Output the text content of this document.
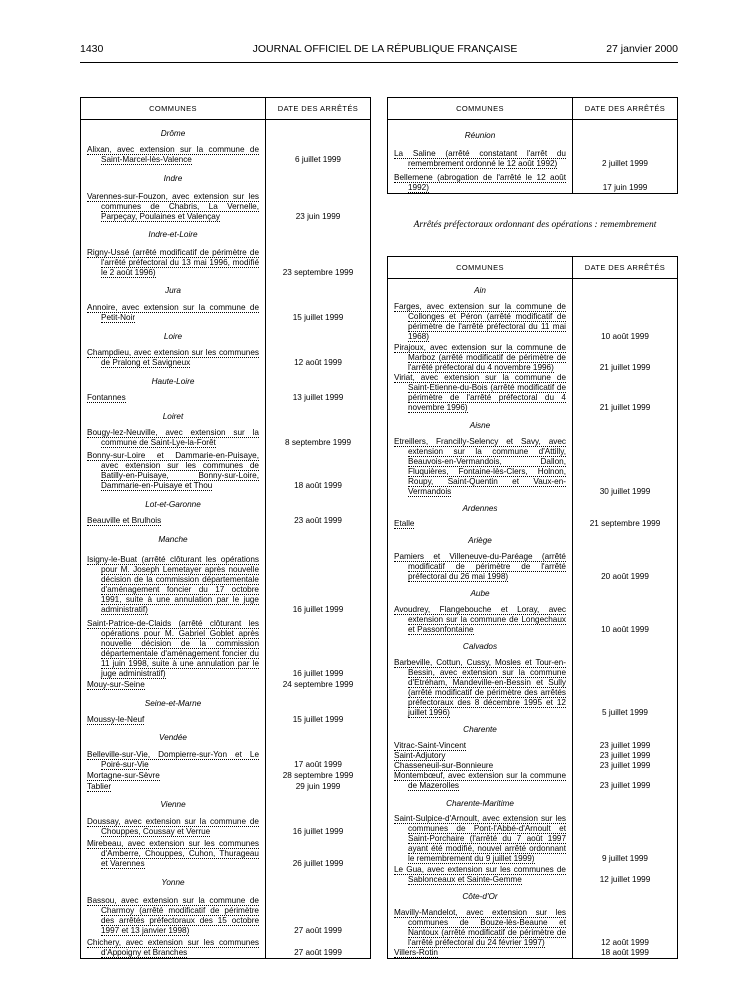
1430	JOURNAL OFFICIEL DE LA RÉPUBLIQUE FRANÇAISE	27 janvier 2000
COMMUNES	DATE DES ARRÊTÉS
Drôme	

Alixan, avec extension sur la commune de Saint-Marcel-lès-Valence	6 juillet 1999
Indre	

Varennes-sur-Fouzon, avec extension sur les communes de Chabris, La Vernelle, Parpeçay, Poulaines et Valençay	23 juin 1999
Indre-et-Loire	

Rigny-Ussé (arrêté modificatif de périmètre de l'arrêté préfectoral du 13 mai 1996, modifié le 2 août 1996)	23 septembre 1999
Jura	

Annoire, avec extension sur la commune de Petit-Noir	15 juillet 1999
Loire	

Champdieu, avec extension sur les communes de Pralong et Savigneux	12 août 1999
Haute-Loire	

Fontannes	13 juillet 1999
Loiret	

Bougy-lez-Neuville, avec extension sur la commune de Saint-Lye-la-Forêt	8 septembre 1999

Bonny-sur-Loire et Dammarie-en-Puisaye, avec extension sur les communes de Batilly-en-Puisaye, Bonny-sur-Loire, Dammarie-en-Puisaye et Thou	18 août 1999
Lot-et-Garonne	

Beauville et Brulhois	23 août 1999
Manche	

Isigny-le-Buat (arrêté clôturant les opérations pour M. Joseph Lemetayer après nouvelle décision de la commission départementale d'aménagement foncier du 17 octobre 1991, suite à une annulation par le juge administratif)	16 juillet 1999

Saint-Patrice-de-Claids (arrêté clôturant les opérations pour M. Gabriel Goblet après nouvelle décision de la commission départementale d'aménagement foncier du 11 juin 1998, suite à une annulation par le juge administratif)	16 juillet 1999

Mouy-sur-Seine	24 septembre 1999
Seine-et-Marne	

Moussy-le-Neuf	15 juillet 1999
Vendée	

Belleville-sur-Vie, Dompierre-sur-Yon et Le Poiré-sur-Vie	17 août 1999

Mortagne-sur-Sèvre	28 septembre 1999

Tablier	29 juin 1999
Vienne	

Doussay, avec extension sur la commune de Chouppes, Coussay et Verrue	16 juillet 1999

Mirebeau, avec extension sur les communes d'Amberre, Chouppes, Cuhon, Thurageau et Varennes	26 juillet 1999
Yonne	

Bassou, avec extension sur la commune de Charmoy (arrêté modificatif de périmètre des arrêtés préfectoraux des 15 octobre 1997 et 13 janvier 1998)	27 août 1999

Chichery, avec extension sur les communes d'Appoigny et Branches	27 août 1999

COMMUNES	DATE DES ARRÊTÉS
Réunion	

La Saline (arrêté constatant l'arrêt du remembrement ordonné le 12 août 1992)	2 juillet 1999

Bellemene (abrogation de l'arrêté le 12 août 1992)	17 juin 1999

Arrêtés préfectoraux ordonnant des opérations : remembrement
COMMUNES	DATE DES ARRÊTÉS
Ain	

Farges, avec extension sur la commune de Collonges et Péron (arrêté modificatif de périmètre de l'arrêté préfectoral du 11 mai 1968)	10 août 1999

Pirajoux, avec extension sur la commune de Marboz (arrêté modificatif de périmètre de l'arrêté préfectoral du 4 novembre 1996)	21 juillet 1999

Viriat, avec extension sur la commune de Saint-Etienne-du-Bois (arrêté modificatif de périmètre de l'arrêté préfectoral du 4 novembre 1996)	21 juillet 1999
Aisne	

Etreillers, Francilly-Selency et Savy, avec extension sur la commune d'Attilly, Beauvois-en-Vermandois, Dallon, Fluquières, Fontaine-lès-Clers, Holnon, Roupy, Saint-Quentin et Vaux-en-Vermandois	30 juillet 1999
Ardennes	

Etalle	21 septembre 1999
Ariège	

Pamiers et Villeneuve-du-Paréage (arrêté modificatif de périmètre de l'arrêté préfectoral du 26 mai 1998)	20 août 1999
Aube	

Avoudrey, Flangebouche et Loray, avec extension sur la commune de Longechaux et Passonfontaine	10 août 1999
Calvados	

Barbeville, Cottun, Cussy, Mosles et Tour-en-Bessin, avec extension sur la commune d'Etréham, Mandeville-en-Bessin et Sully (arrêté modificatif de périmètre des arrêtés préfectoraux des 8 décembre 1995 et 12 juillet 1996)	5 juillet 1999
Charente	

Vitrac-Saint-Vincent	23 juillet 1999

Saint-Adjutory	23 juillet 1999

Chasseneuil-sur-Bonnieure	23 juillet 1999

Montembœuf, avec extension sur la commune de Mazerolles	23 juillet 1999
Charente-Maritime	

Saint-Sulpice-d'Arnoult, avec extension sur les communes de Pont-l'Abbé-d'Arnoult et Saint-Porchaire (l'arrêté du 7 août 1997 ayant été modifié, nouvel arrêté ordonnant le remembrement du 9 juillet 1999)	9 juillet 1999

Le Gua, avec extension sur les communes de Sablonceaux et Sainte-Gemme	12 juillet 1999
Côte-d'Or	

Mavilly-Mandelot, avec extension sur les communes de Bouze-lès-Beaune et Nantoux (arrêté modificatif de périmètre de l'arrêté préfectoral du 24 février 1997)	12 août 1999

Villers-Rotin	18 août 1999
